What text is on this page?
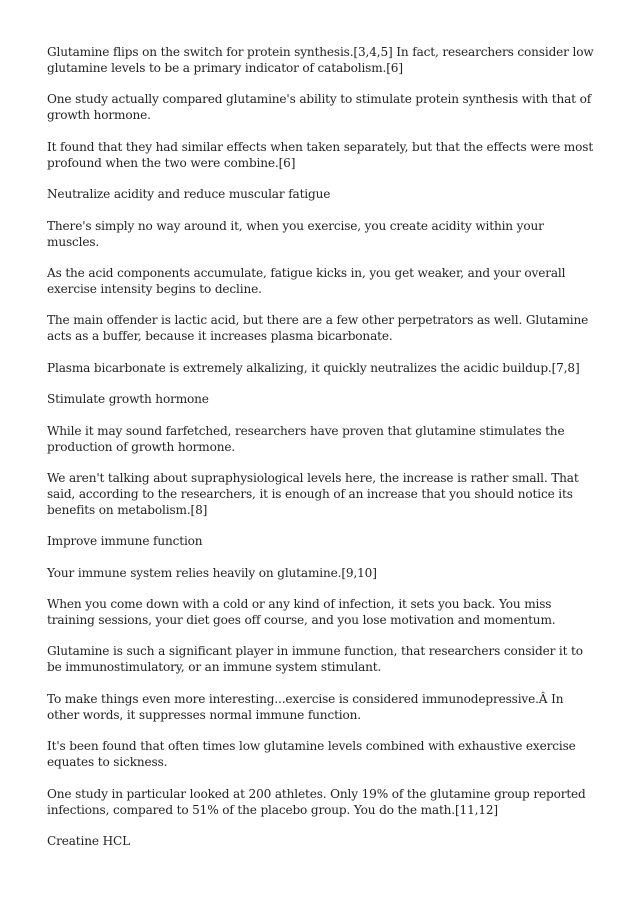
Glutamine flips on the switch for protein synthesis.[3,4,5] In fact, researchers consider low glutamine levels to be a primary indicator of catabolism.[6]

One study actually compared glutamine's ability to stimulate protein synthesis with that of growth hormone.

It found that they had similar effects when taken separately, but that the effects were most profound when the two were combine.[6]

Neutralize acidity and reduce muscular fatigue

There's simply no way around it, when you exercise, you create acidity within your muscles.

As the acid components accumulate, fatigue kicks in, you get weaker, and your overall exercise intensity begins to decline.

The main offender is lactic acid, but there are a few other perpetrators as well. Glutamine acts as a buffer, because it increases plasma bicarbonate.

Plasma bicarbonate is extremely alkalizing, it quickly neutralizes the acidic buildup.[7,8]

Stimulate growth hormone

While it may sound farfetched, researchers have proven that glutamine stimulates the production of growth hormone.

We aren't talking about supraphysiological levels here, the increase is rather small. That said, according to the researchers, it is enough of an increase that you should notice its benefits on metabolism.[8]

Improve immune function

Your immune system relies heavily on glutamine.[9,10]

When you come down with a cold or any kind of infection, it sets you back. You miss training sessions, your diet goes off course, and you lose motivation and momentum.

Glutamine is such a significant player in immune function, that researchers consider it to be immunostimulatory, or an immune system stimulant.

To make things even more interesting...exercise is considered immunodepressive.Â In other words, it suppresses normal immune function.

It's been found that often times low glutamine levels combined with exhaustive exercise equates to sickness.

One study in particular looked at 200 athletes. Only 19% of the glutamine group reported infections, compared to 51% of the placebo group. You do the math.[11,12]

Creatine HCL
